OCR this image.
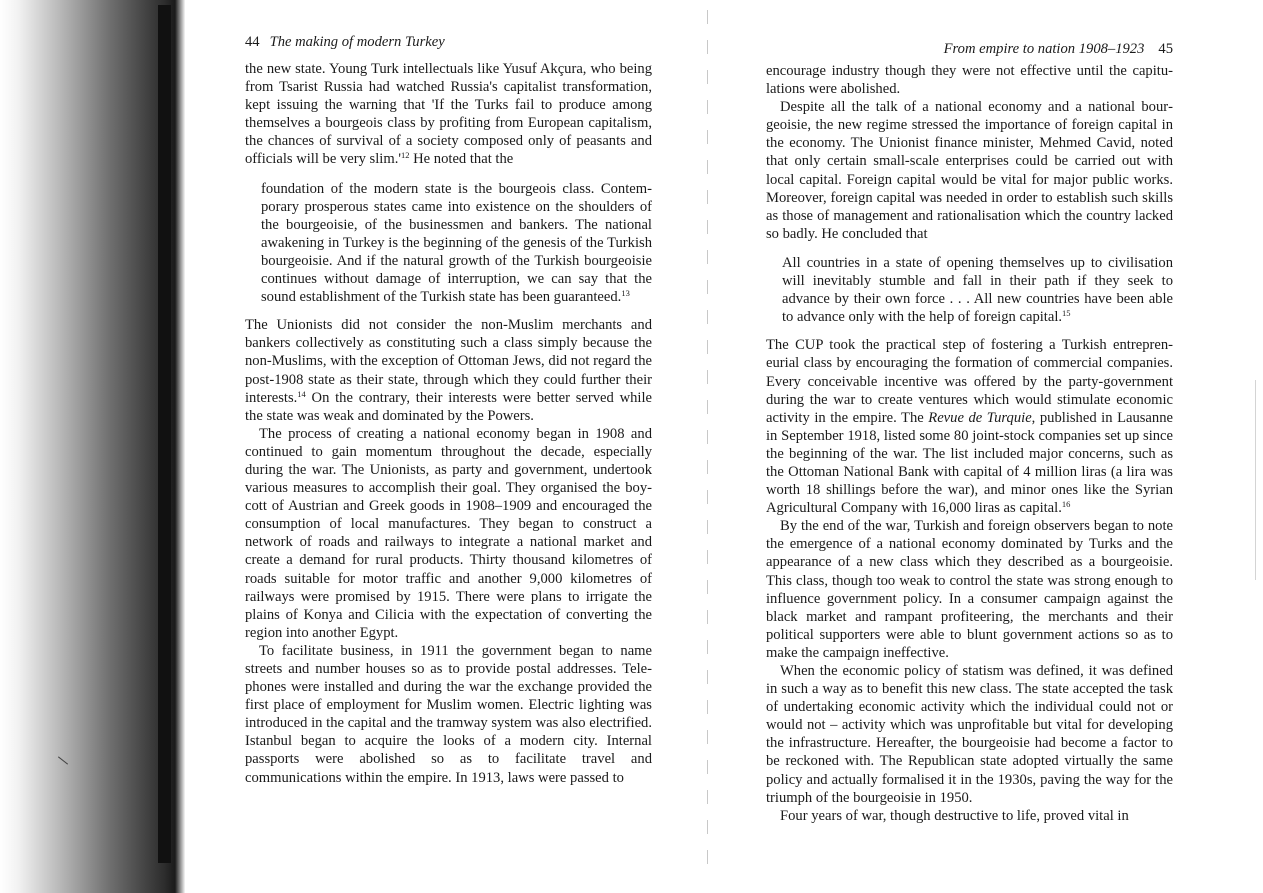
44 The making of modern Turkey

the new state. Young Turk intellectuals like Yusuf Akçura, who being from Tsarist Russia had watched Russia's capitalist transformation, kept issuing the warning that 'If the Turks fail to produce among themselves a bourgeois class by profiting from European capitalism, the chances of survival of a society composed only of peasants and officials will be very $slim.'^{12}$ He noted that the

foundation of the modern state is the bourgeois class. Contemporary prosperous states came into existence on the shoulders of the bourgeoisie, of the businessmen and bankers. The national awakening in Turkey is the beginning of the genesis of the Turkish bourgeoisie. And if the natural growth of the Turkish bourgeoisie continues without damage of interruption, we can say that the sound establishment of the Turkish state has been guaranteed.$^{13}$

The Unionists did not consider the non-Muslim merchants and bankers collectively as constituting such a class simply because the non-Muslims, with the exception of Ottoman Jews, did not regard the post-1908 state as their state, through which they could further their interests.$^{14}$ On the contrary, their interests were better served while the state was weak and dominated by the Powers.

The process of creating a national economy began in 1908 and continued to gain momentum throughout the decade, especially during the war. The Unionists, as party and government, undertook various measures to accomplish their goal. They organised the boycott of Austrian and Greek goods in 1908–1909 and encouraged the consumption of local manufactures. They began to construct a network of roads and railways to integrate a national market and create a demand for rural products. Thirty thousand kilometres of roads suitable for motor traffic and another 9,000 kilometres of railways were promised by 1915. There were plans to irrigate the plains of Konya and Cilicia with the expectation of converting the region into another Egypt.

To facilitate business, in 1911 the government began to name streets and number houses so as to provide postal addresses. Telephones were installed and during the war the exchange provided the first place of employment for Muslim women. Electric lighting was introduced in the capital and the tramway system was also electrified. Istanbul began to acquire the looks of a modern city. Internal passports were abolished so as to facilitate travel and communications within the empire. In 1913, laws were passed to

From empire to nation 1908–1923 45

encourage industry though they were not effective until the capitulations were abolished.

Despite all the talk of a national economy and a national bourgeoisie, the new regime stressed the importance of foreign capital in the economy. The Unionist finance minister, Mehmed Cavid, noted that only certain small-scale enterprises could be carried out with local capital. Foreign capital would be vital for major public works. Moreover, foreign capital was needed in order to establish such skills as those of management and rationalisation which the country lacked so badly. He concluded that

All countries in a state of opening themselves up to civilisation will inevitably stumble and fall in their path if they seek to advance by their own force . . . All new countries have been able to advance only with the help of foreign capital.$^{15}$

The CUP took the practical step of fostering a Turkish entrepreneurial class by encouraging the formation of commercial companies. Every conceivable incentive was offered by the party-government during the war to create ventures which would stimulate economic activity in the empire. The Revue de Turquie, published in Lausanne in September 1918, listed some 80 joint-stock companies set up since the beginning of the war. The list included major concerns, such as the Ottoman National Bank with capital of 4 million liras (a lira was worth 18 shillings before the war), and minor ones like the Syrian Agricultural Company with 16,000 liras as capital.$^{16}$

By the end of the war, Turkish and foreign observers began to note the emergence of a national economy dominated by Turks and the appearance of a new class which they described as a bourgeoisie. This class, though too weak to control the state was strong enough to influence government policy. In a consumer campaign against the black market and rampant profiteering, the merchants and their political supporters were able to blunt government actions so as to make the campaign ineffective.

When the economic policy of statism was defined, it was defined in such a way as to benefit this new class. The state accepted the task of undertaking economic activity which the individual could not or would not – activity which was unprofitable but vital for developing the infrastructure. Hereafter, the bourgeoisie had become a factor to be reckoned with. The Republican state adopted virtually the same policy and actually formalised it in the 1930s, paving the way for the triumph of the bourgeoisie in 1950.

Four years of war, though destructive to life, proved vital in
